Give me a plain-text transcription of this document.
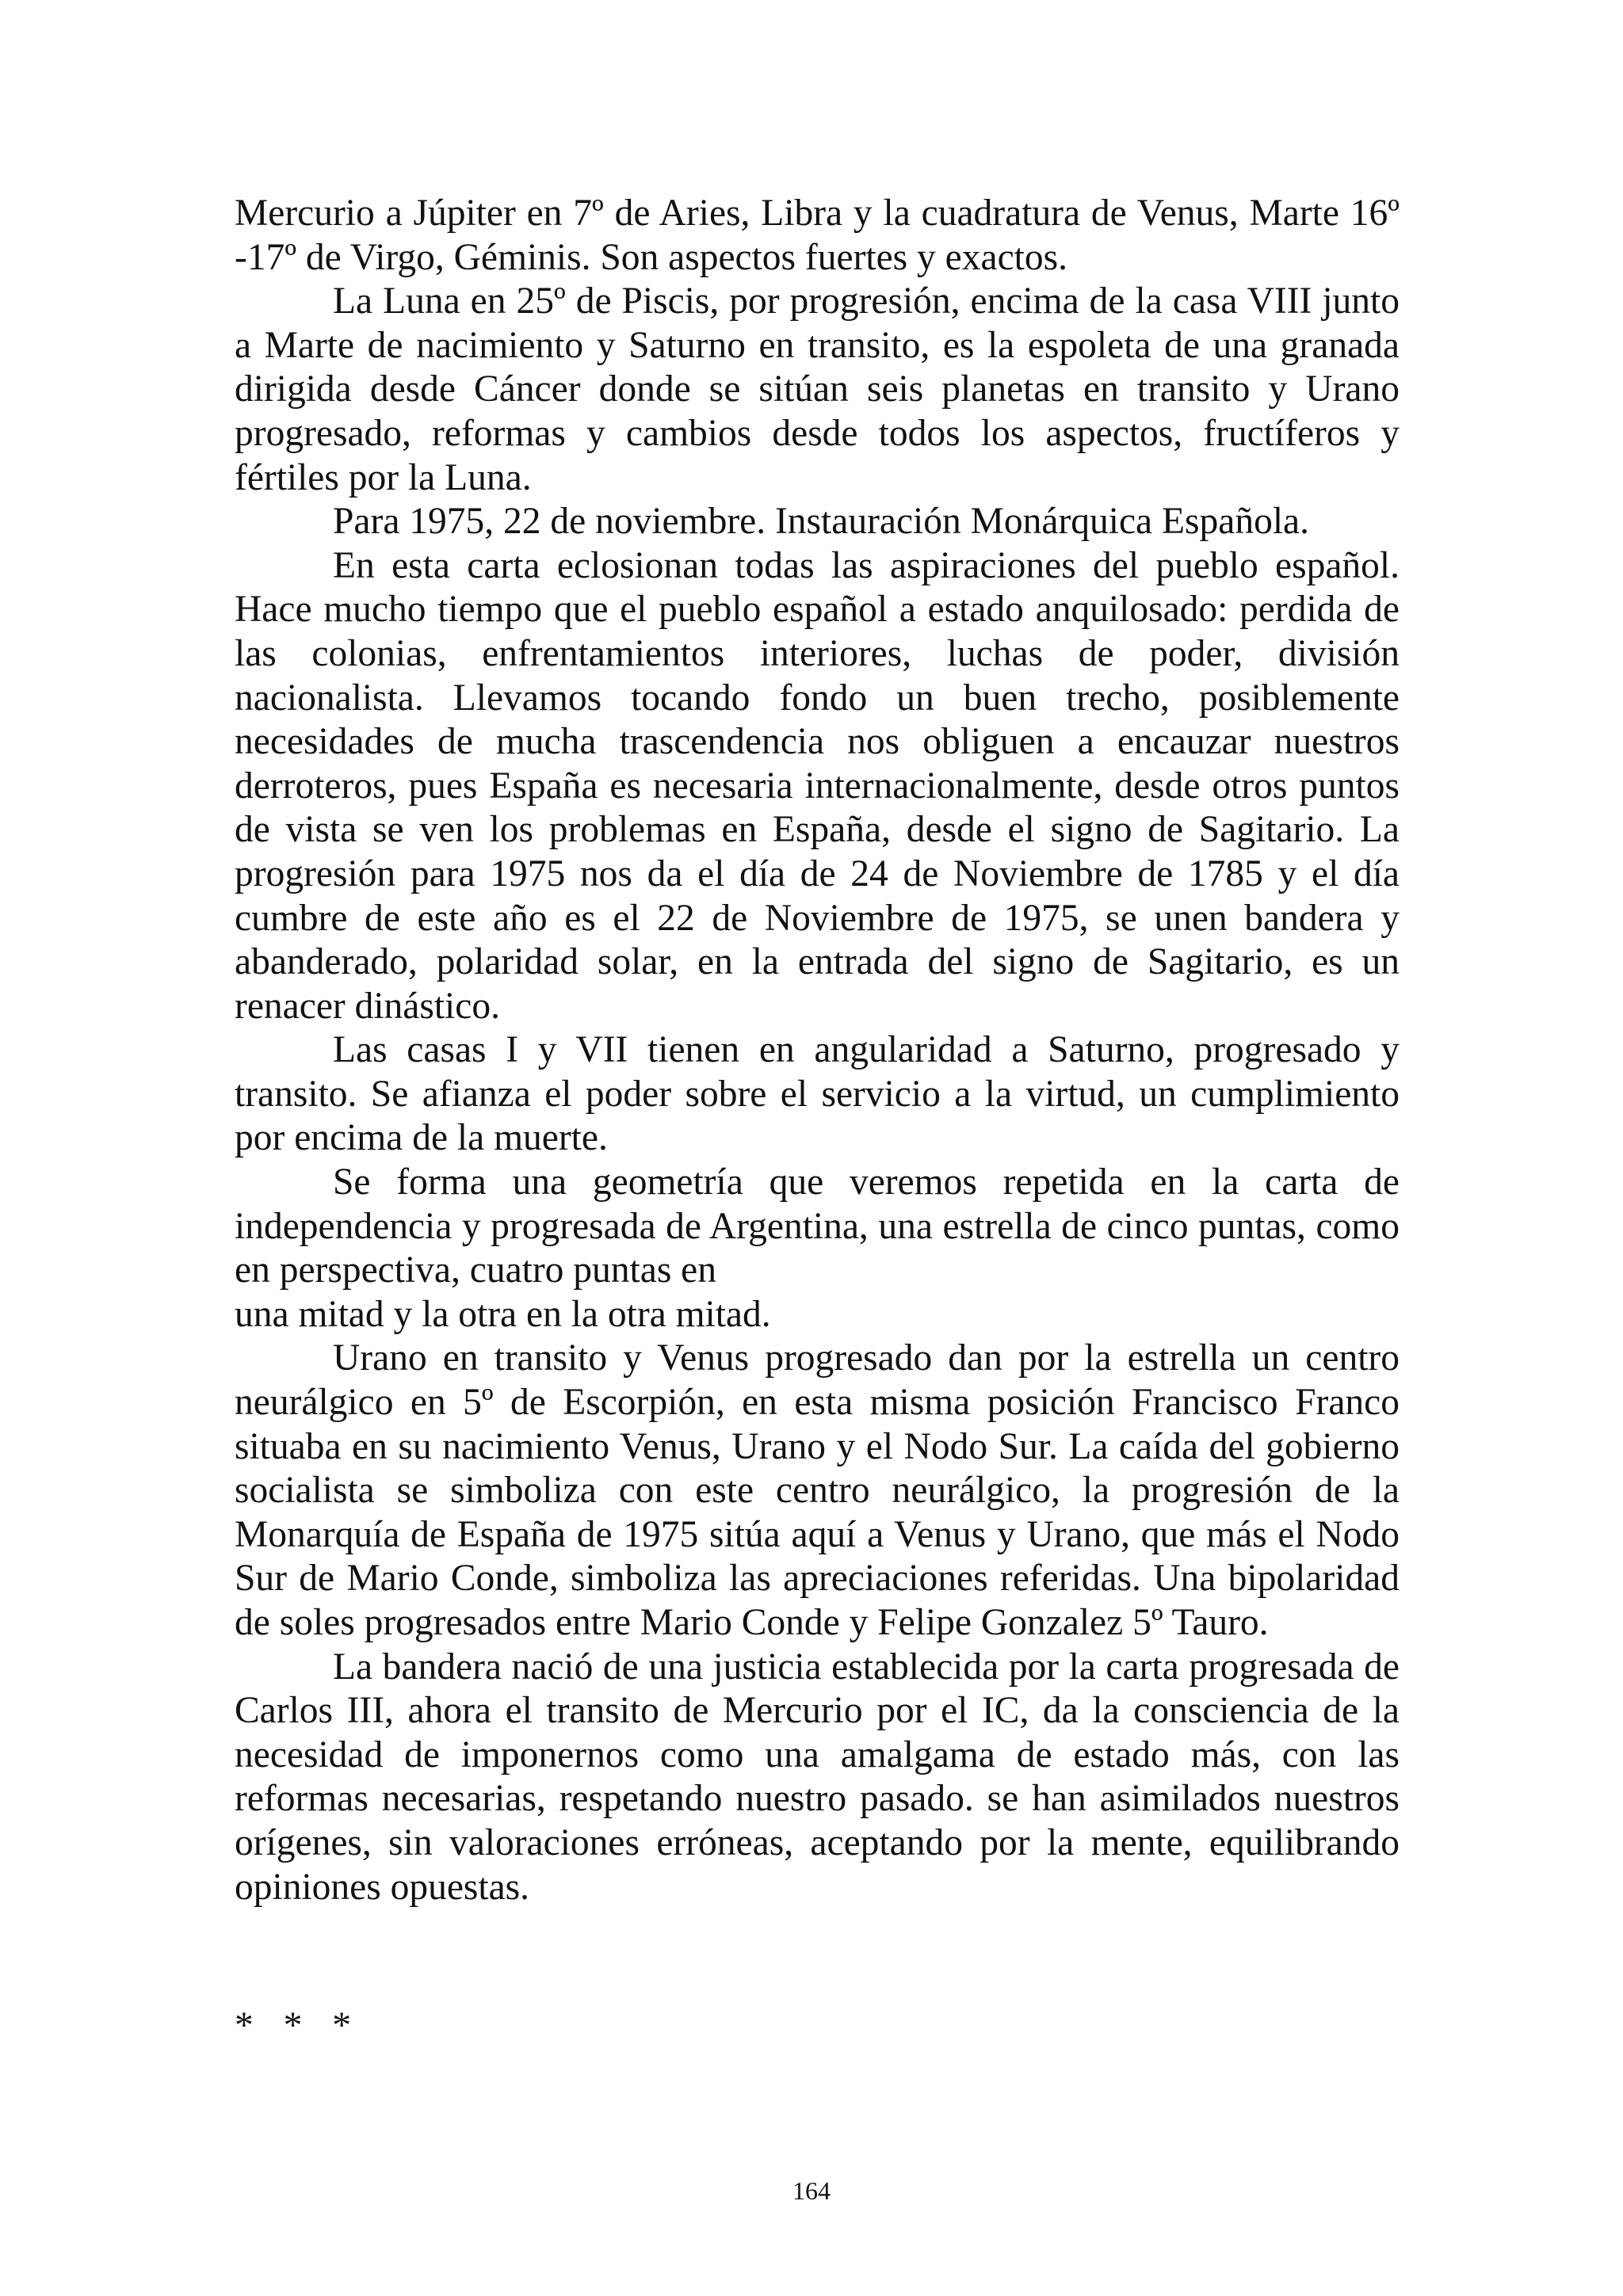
Mercurio a Júpiter en 7º de Aries, Libra y la cuadratura de Venus, Marte 16º -17º de Virgo, Géminis. Son aspectos fuertes y exactos.

La Luna en 25º de Piscis, por progresión, encima de la casa VIII junto a Marte de nacimiento y Saturno en transito, es la espoleta de una granada dirigida desde Cáncer donde se sitúan seis planetas en transito y Urano progresado, reformas y cambios desde todos los aspectos, fructíferos y fértiles por la Luna.

Para 1975, 22 de noviembre. Instauración Monárquica Española.

En esta carta eclosionan todas las aspiraciones del pueblo español. Hace mucho tiempo que el pueblo español a estado anquilosado: perdida de las colonias, enfrentamientos interiores, luchas de poder, división nacionalista. Llevamos tocando fondo un buen trecho, posiblemente necesidades de mucha trascendencia nos obliguen a encauzar nuestros derroteros, pues España es necesaria internacionalmente, desde otros puntos de vista se ven los problemas en España, desde el signo de Sagitario. La progresión para 1975 nos da el día de 24 de Noviembre de 1785 y el día cumbre de este año es el 22 de Noviembre de 1975, se unen bandera y abanderado, polaridad solar, en la entrada del signo de Sagitario, es un renacer dinástico.

Las casas I y VII tienen en angularidad a Saturno, progresado y transito. Se afianza el poder sobre el servicio a la virtud, un cumplimiento por encima de la muerte.

Se forma una geometría que veremos repetida en la carta de independencia y progresada de Argentina, una estrella de cinco puntas, como en perspectiva, cuatro puntas en

una mitad y la otra en la otra mitad.

Urano en transito y Venus progresado dan por la estrella un centro neurálgico en 5º de Escorpión, en esta misma posición Francisco Franco situaba en su nacimiento Venus, Urano y el Nodo Sur. La caída del gobierno socialista se simboliza con este centro neurálgico, la progresión de la Monarquía de España de 1975 sitúa aquí a Venus y Urano, que más el Nodo Sur de Mario Conde, simboliza las apreciaciones referidas. Una bipolaridad de soles progresados entre Mario Conde y Felipe Gonzalez 5º Tauro.

La bandera nació de una justicia establecida por la carta progresada de Carlos III, ahora el transito de Mercurio por el IC, da la consciencia de la necesidad de imponernos como una amalgama de estado más, con las reformas necesarias, respetando nuestro pasado. se han asimilados nuestros orígenes, sin valoraciones erróneas, aceptando por la mente, equilibrando opiniones opuestas.

* * *
164
